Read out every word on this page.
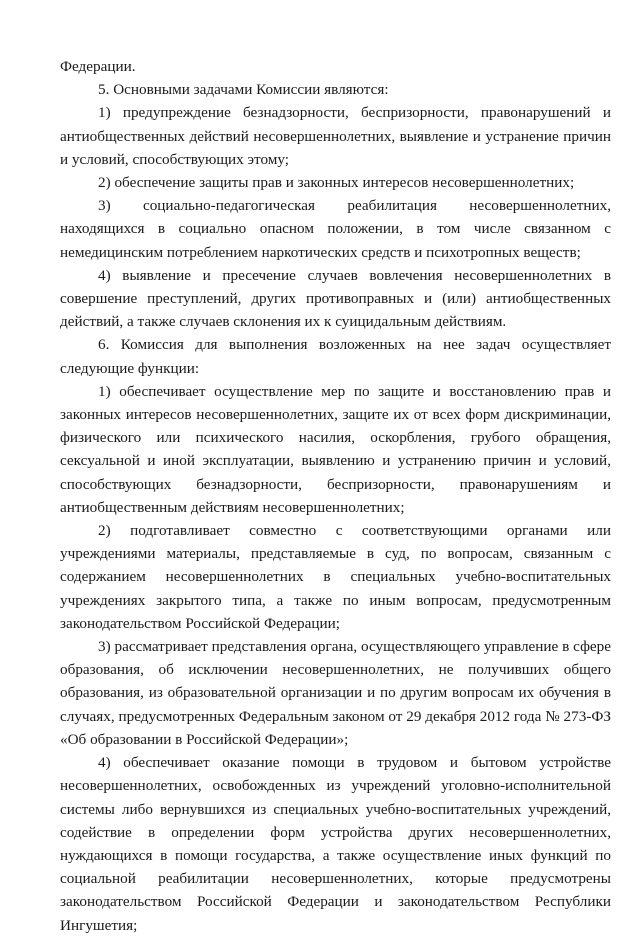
Федерации.

5. Основными задачами Комиссии являются:

1) предупреждение безнадзорности, беспризорности, правонарушений и антиобщественных действий несовершеннолетних, выявление и устранение причин и условий, способствующих этому;

2) обеспечение защиты прав и законных интересов несовершеннолетних;

3) социально-педагогическая реабилитация несовершеннолетних, находящихся в социально опасном положении, в том числе связанном с немедицинским потреблением наркотических средств и психотропных веществ;

4) выявление и пресечение случаев вовлечения несовершеннолетних в совершение преступлений, других противоправных и (или) антиобщественных действий, а также случаев склонения их к суицидальным действиям.

6. Комиссия для выполнения возложенных на нее задач осуществляет следующие функции:

1) обеспечивает осуществление мер по защите и восстановлению прав и законных интересов несовершеннолетних, защите их от всех форм дискриминации, физического или психического насилия, оскорбления, грубого обращения, сексуальной и иной эксплуатации, выявлению и устранению причин и условий, способствующих безнадзорности, беспризорности, правонарушениям и антиобщественным действиям несовершеннолетних;

2) подготавливает совместно с соответствующими органами или учреждениями материалы, представляемые в суд, по вопросам, связанным с содержанием несовершеннолетних в специальных учебно-воспитательных учреждениях закрытого типа, а также по иным вопросам, предусмотренным законодательством Российской Федерации;

3) рассматривает представления органа, осуществляющего управление в сфере образования, об исключении несовершеннолетних, не получивших общего образования, из образовательной организации и по другим вопросам их обучения в случаях, предусмотренных Федеральным законом от 29 декабря 2012 года № 273-ФЗ «Об образовании в Российской Федерации»;

4) обеспечивает оказание помощи в трудовом и бытовом устройстве несовершеннолетних, освобожденных из учреждений уголовно-исполнительной системы либо вернувшихся из специальных учебно-воспитательных учреждений, содействие в определении форм устройства других несовершеннолетних, нуждающихся в помощи государства, а также осуществление иных функций по социальной реабилитации несовершеннолетних, которые предусмотрены законодательством Российской Федерации и законодательством Республики Ингушетия;
